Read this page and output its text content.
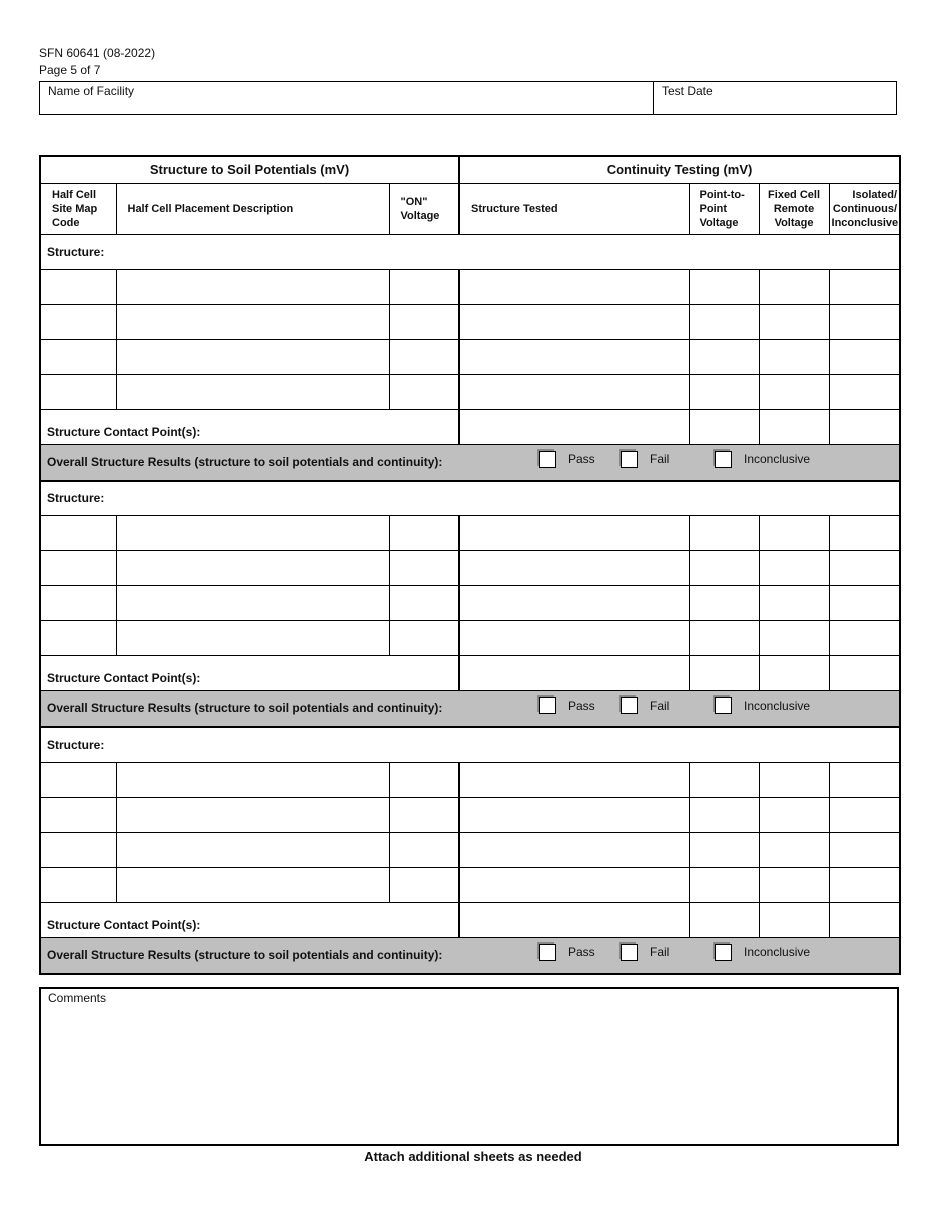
SFN 60641 (08-2022)
Page 5 of 7
Name of Facility	Test Date
Structure to Soil Potentials (mV)			Continuity Testing (mV)			
Half Cell Site Map Code	Half Cell Placement Description	"ON" Voltage	Structure Tested	Point-to-Point Voltage	Fixed Cell Remote Voltage	Isolated/ Continuous/ Inconclusive
Structure:						

Structure Contact Point(s):						

Overall Structure Results (structure to soil potentials and continuity): Pass Fail Inconclusive						

Structure:						

Structure Contact Point(s):						

Overall Structure Results (structure to soil potentials and continuity): Pass Fail Inconclusive						

Structure:						

Structure Contact Point(s):						

Overall Structure Results (structure to soil potentials and continuity): Pass Fail Inconclusive						
Comments
Attach additional sheets as needed
